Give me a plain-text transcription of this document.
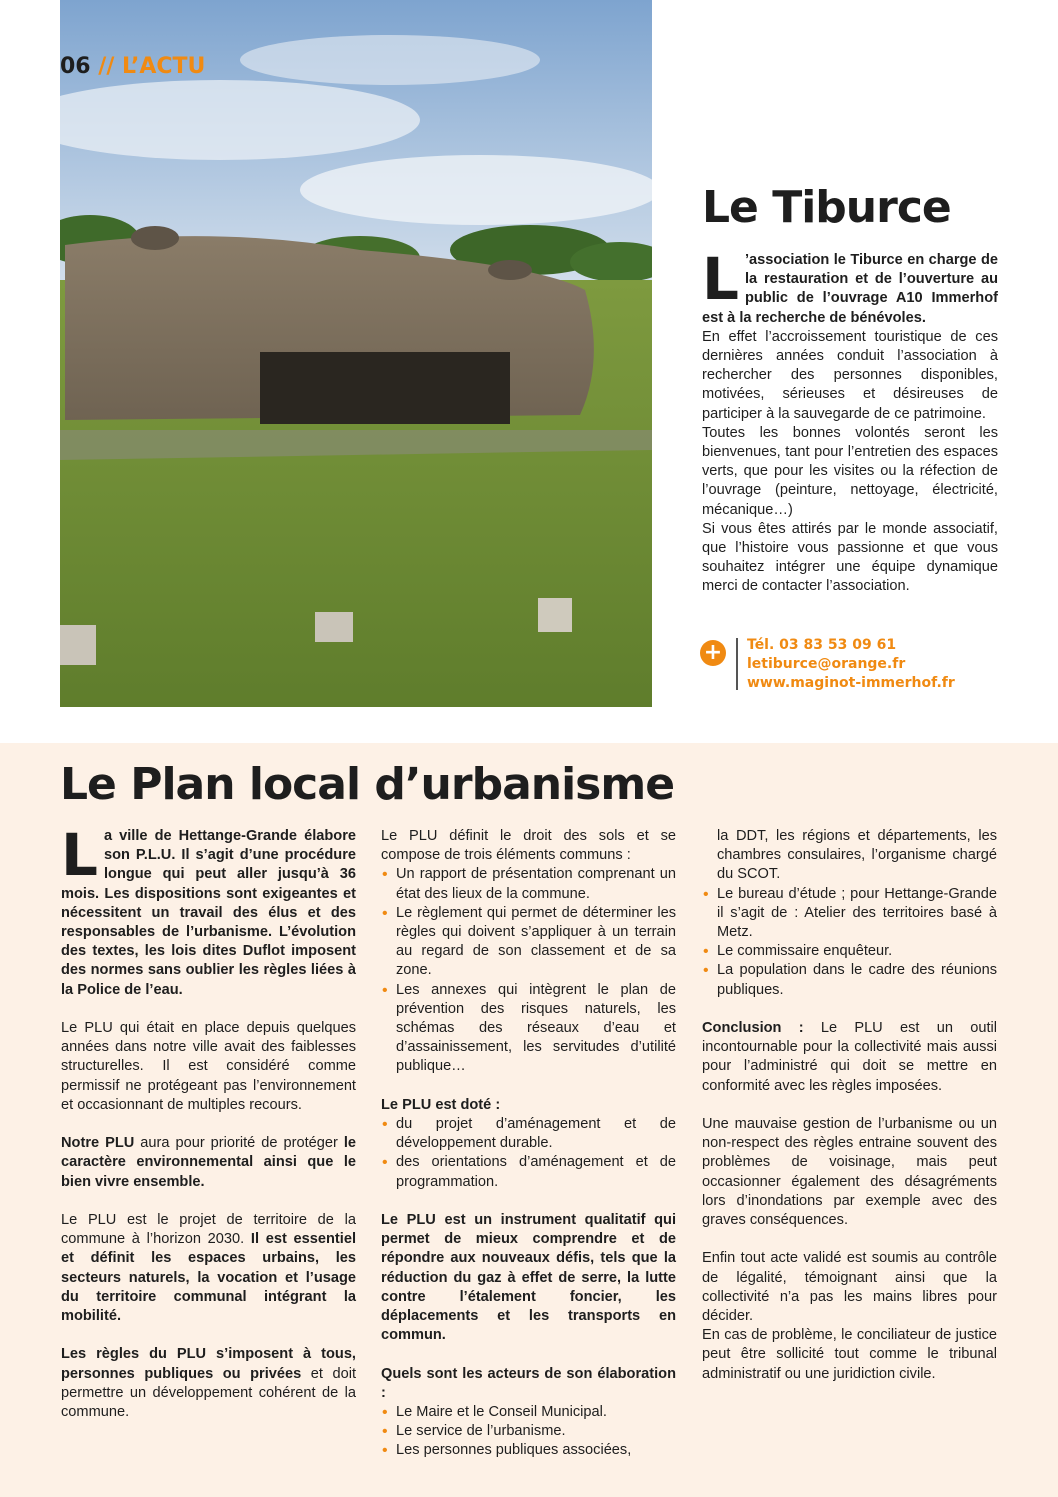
06 // L’ACTU
Le Tiburce

L ’association le Tiburce en charge de la restauration et de l’ouverture au public de l’ouvrage A10 Immerhof est à la recherche de bénévoles.

En effet l’accroissement touristique de ces dernières années conduit l’association à rechercher des personnes disponibles, motivées, sérieuses et désireuses de participer à la sauvegarde de ce patrimoine.

Toutes les bonnes volontés seront les bienvenues, tant pour l’entretien des espaces verts, que pour les visites ou la réfection de l’ouvrage (peinture, nettoyage, électricité, mécanique…)

Si vous êtes attirés par le monde associatif, que l’histoire vous passionne et que vous souhaitez intégrer une équipe dynamique merci de contacter l’association.

+ Tél. 03 83 53 09 61
letiburce@orange.fr
www.maginot-immerhof.fr
Le Plan local d’urbanisme

L a ville de Hettange-Grande élabore son P.L.U. Il s’agit d’une procédure longue qui peut aller jusqu’à 36 mois. Les dispositions sont exigeantes et nécessitent un travail des élus et des responsables de l’urbanisme. L’évolution des textes, les lois dites Duflot imposent des normes sans oublier les règles liées à la Police de l’eau.

Le PLU qui était en place depuis quelques années dans notre ville avait des faiblesses structurelles. Il est considéré comme permissif ne protégeant pas l’environnement et occasionnant de multiples recours.

Notre PLU aura pour priorité de protéger le caractère environnemental ainsi que le bien vivre ensemble.

Le PLU est le projet de territoire de la commune à l’horizon 2030. Il est essentiel et définit les espaces urbains, les secteurs naturels, la vocation et l’usage du territoire communal intégrant la mobilité.

Les règles du PLU s’imposent à tous, personnes publiques ou privées et doit permettre un développement cohérent de la commune.

Le PLU définit le droit des sols et se compose de trois éléments communs :

• Un rapport de présentation comprenant un état des lieux de la commune.
• Le règlement qui permet de déterminer les règles qui doivent s’appliquer à un terrain au regard de son classement et de sa zone.
• Les annexes qui intègrent le plan de prévention des risques naturels, les schémas des réseaux d’eau et d’assainissement, les servitudes d’utilité publique…

Le PLU est doté :

• du projet d’aménagement et de développement durable.
• des orientations d’aménagement et de programmation.

Le PLU est un instrument qualitatif qui permet de mieux comprendre et de répondre aux nouveaux défis, tels que la réduction du gaz à effet de serre, la lutte contre l’étalement foncier, les déplacements et les transports en commun.

Quels sont les acteurs de son élaboration :

• Le Maire et le Conseil Municipal.
• Le service de l’urbanisme.
• Les personnes publiques associées,
la DDT, les régions et départements, les chambres consulaires, l’organisme chargé du SCOT.
• Le bureau d’étude ; pour Hettange-Grande il s’agit de : Atelier des territoires basé à Metz.
• Le commissaire enquêteur.
• La population dans le cadre des réunions publiques.

Conclusion : Le PLU est un outil incontournable pour la collectivité mais aussi pour l’administré qui doit se mettre en conformité avec les règles imposées.

Une mauvaise gestion de l’urbanisme ou un non-respect des règles entraine souvent des problèmes de voisinage, mais peut occasionner également des désagréments lors d’inondations par exemple avec des graves conséquences.

Enfin tout acte validé est soumis au contrôle de légalité, témoignant ainsi que la collectivité n’a pas les mains libres pour décider.

En cas de problème, le conciliateur de justice peut être sollicité tout comme le tribunal administratif ou une juridiction civile.
